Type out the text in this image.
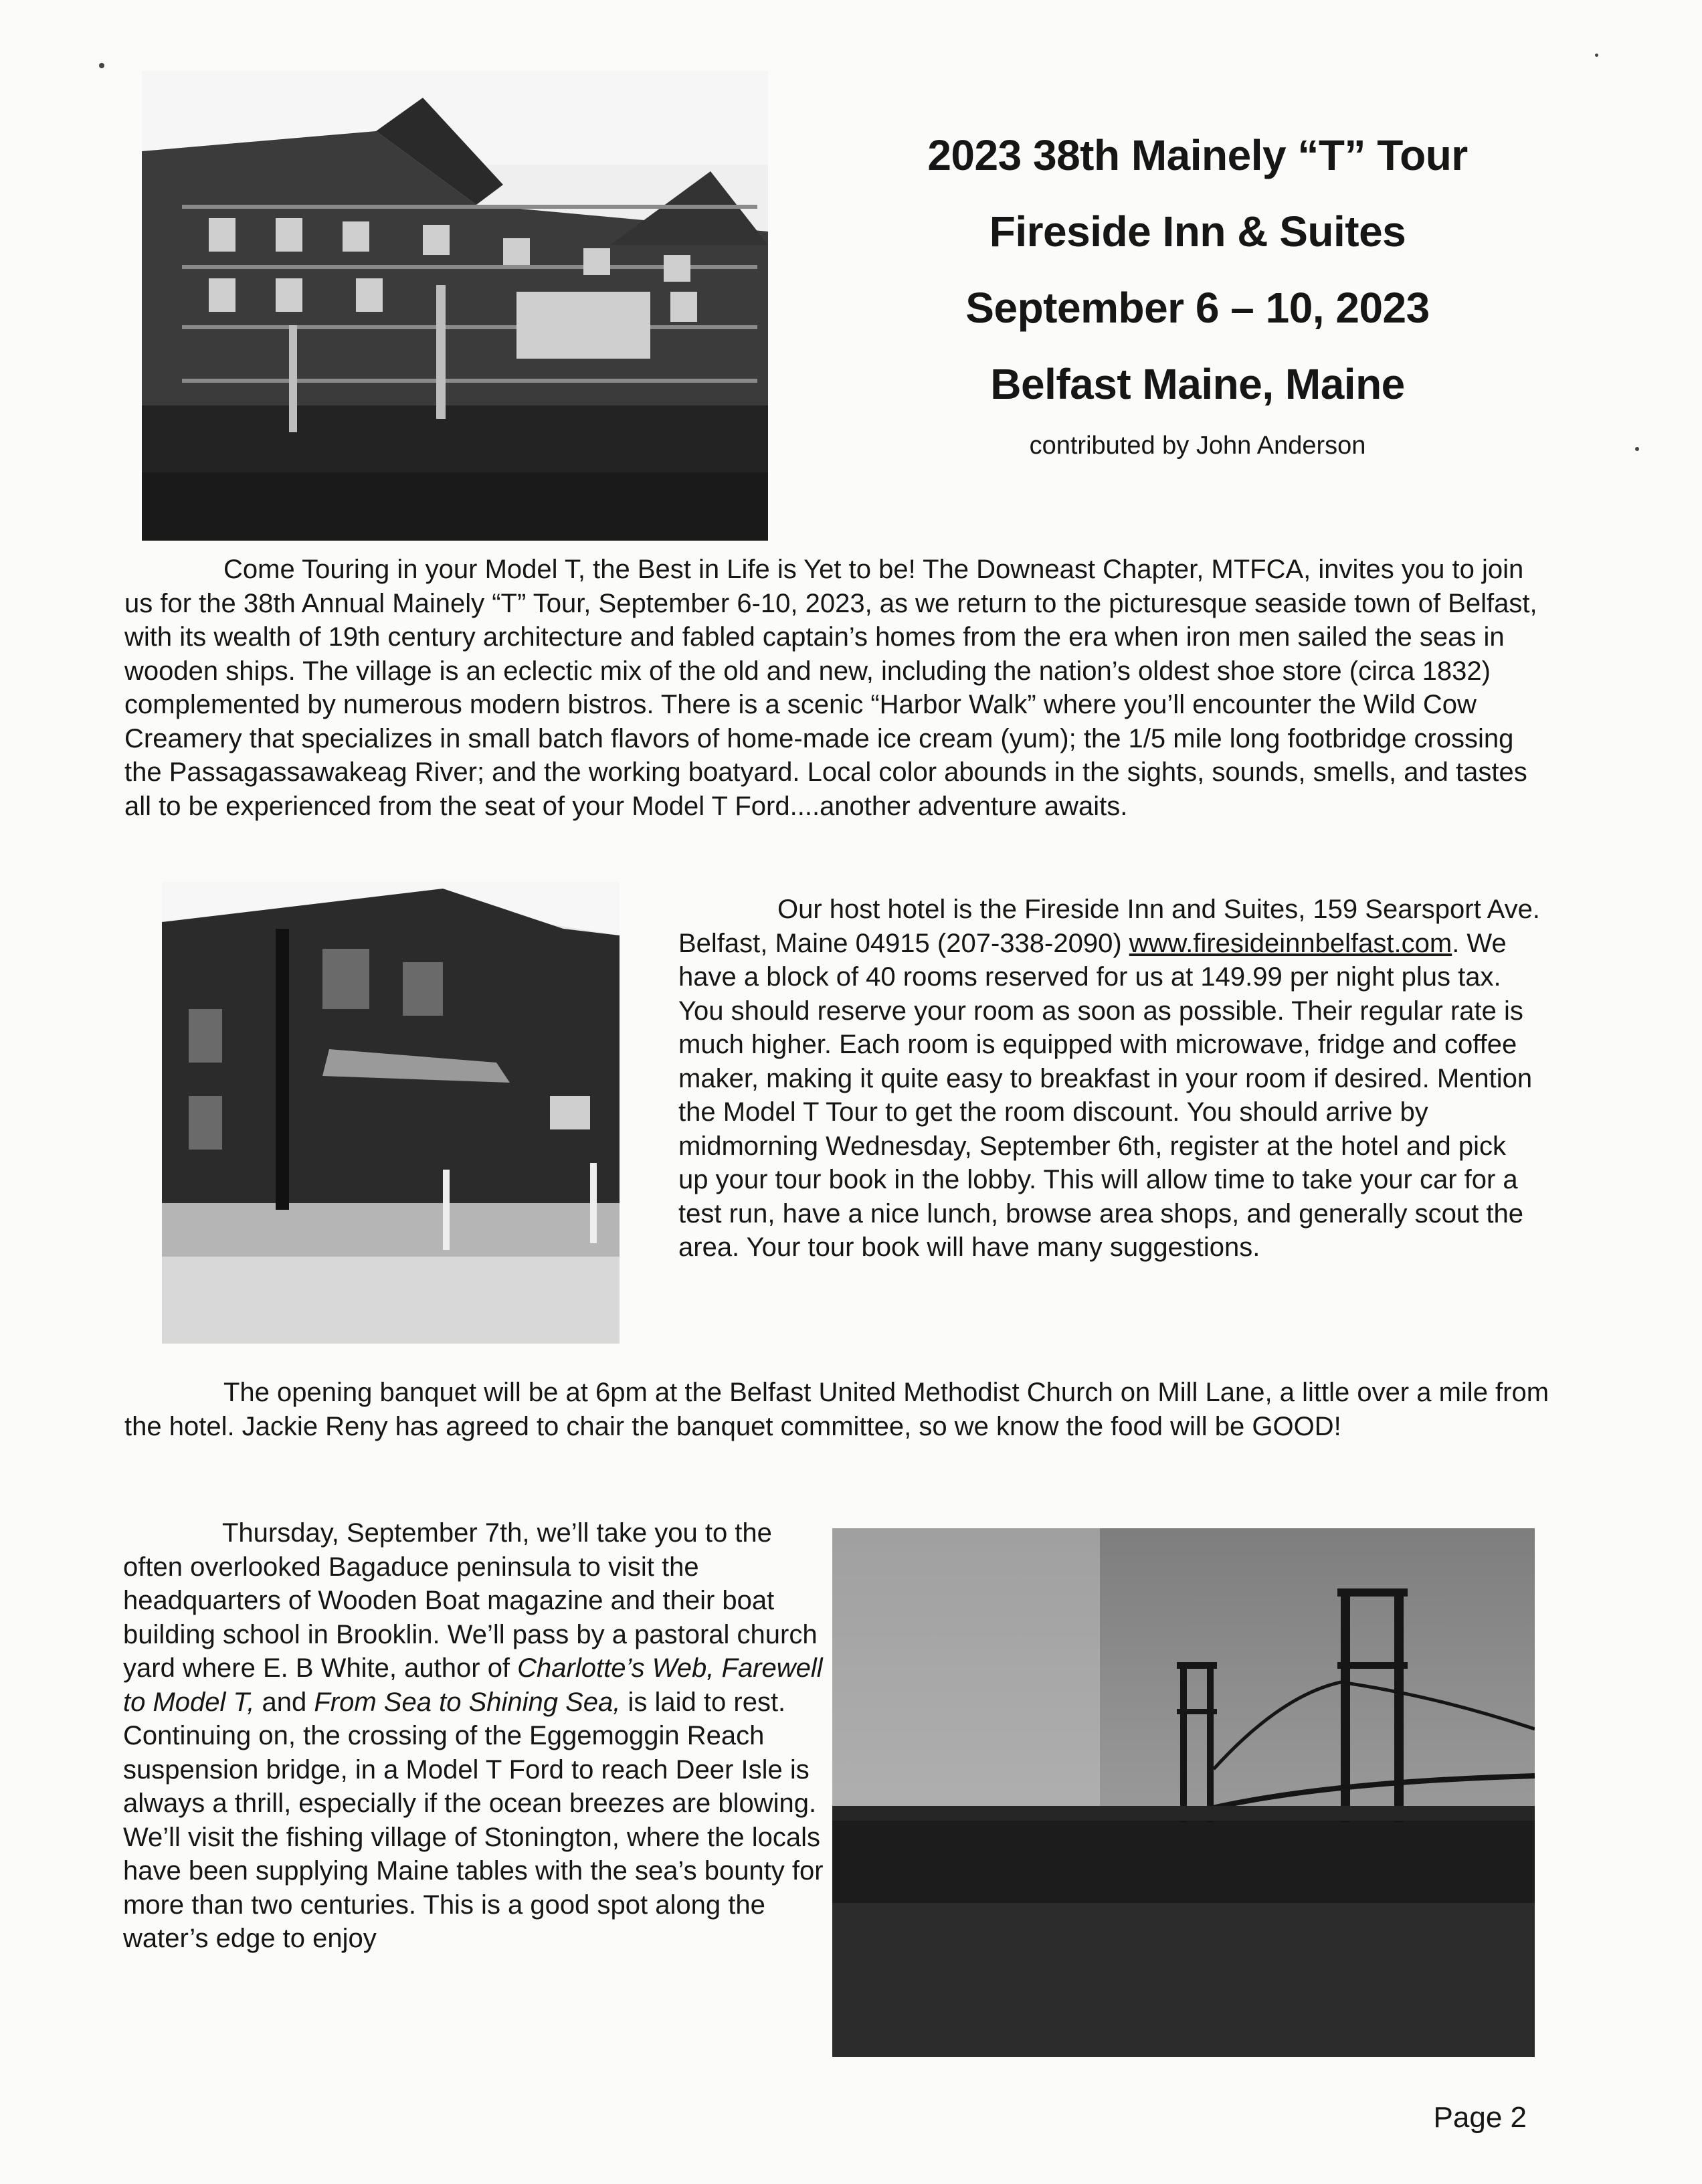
2023 38th Mainely “T” Tour
Fireside Inn & Suites
September 6 – 10, 2023
Belfast Maine, Maine
contributed by John Anderson

Come Touring in your Model T, the Best in Life is Yet to be! The Downeast Chapter, MTFCA, invites you to join us for the 38th Annual Mainely “T” Tour, September 6-10, 2023, as we return to the picturesque seaside town of Belfast, with its wealth of 19th century architecture and fabled captain’s homes from the era when iron men sailed the seas in wooden ships. The village is an eclectic mix of the old and new, including the nation’s oldest shoe store (circa 1832) complemented by numerous modern bistros. There is a scenic “Harbor Walk” where you’ll encounter the Wild Cow Creamery that specializes in small batch flavors of home-made ice cream (yum); the 1/5 mile long footbridge crossing the Passagassawakeag River; and the working boatyard. Local color abounds in the sights, sounds, smells, and tastes all to be experienced from the seat of your Model T Ford....another adventure awaits.

Our host hotel is the Fireside Inn and Suites, 159 Searsport Ave. Belfast, Maine 04915 (207-338-2090) www.firesideinnbelfast.com. We have a block of 40 rooms reserved for us at 149.99 per night plus tax. You should reserve your room as soon as possible. Their regular rate is much higher. Each room is equipped with microwave, fridge and coffee maker, making it quite easy to breakfast in your room if desired. Mention the Model T Tour to get the room discount. You should arrive by midmorning Wednesday, September 6th, register at the hotel and pick up your tour book in the lobby. This will allow time to take your car for a test run, have a nice lunch, browse area shops, and generally scout the area. Your tour book will have many suggestions.

The opening banquet will be at 6pm at the Belfast United Methodist Church on Mill Lane, a little over a mile from the hotel. Jackie Reny has agreed to chair the banquet committee, so we know the food will be GOOD!

Thursday, September 7th, we’ll take you to the often overlooked Bagaduce peninsula to visit the headquarters of Wooden Boat magazine and their boat building school in Brooklin. We’ll pass by a pastoral church yard where E. B White, author of Charlotte’s Web, Farewell to Model T, and From Sea to Shining Sea, is laid to rest. Continuing on, the crossing of the Eggemoggin Reach suspension bridge, in a Model T Ford to reach Deer Isle is always a thrill, especially if the ocean breezes are blowing. We’ll visit the fishing village of Stonington, where the locals have been supplying Maine tables with the sea’s bounty for more than two centuries. This is a good spot along the water’s edge to enjoy

Page 2
